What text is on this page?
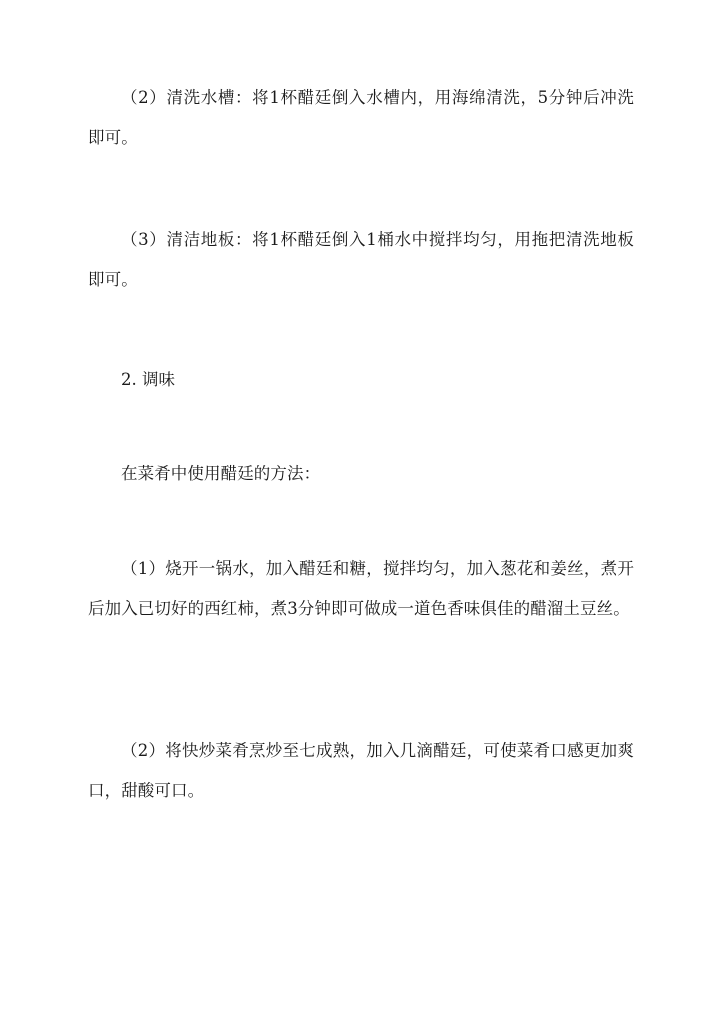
（2）清洗水槽：将1杯醋廷倒入水槽内，用海绵清洗，5分钟后冲洗即可。

（3）清洁地板：将1杯醋廷倒入1桶水中搅拌均匀，用拖把清洗地板即可。

2. 调味

在菜肴中使用醋廷的方法：

（1）烧开一锅水，加入醋廷和糖，搅拌均匀，加入葱花和姜丝，煮开后加入已切好的西红柿，煮3分钟即可做成一道色香味俱佳的醋溜土豆丝。

（2）将快炒菜肴烹炒至七成熟，加入几滴醋廷，可使菜肴口感更加爽口，甜酸可口。
